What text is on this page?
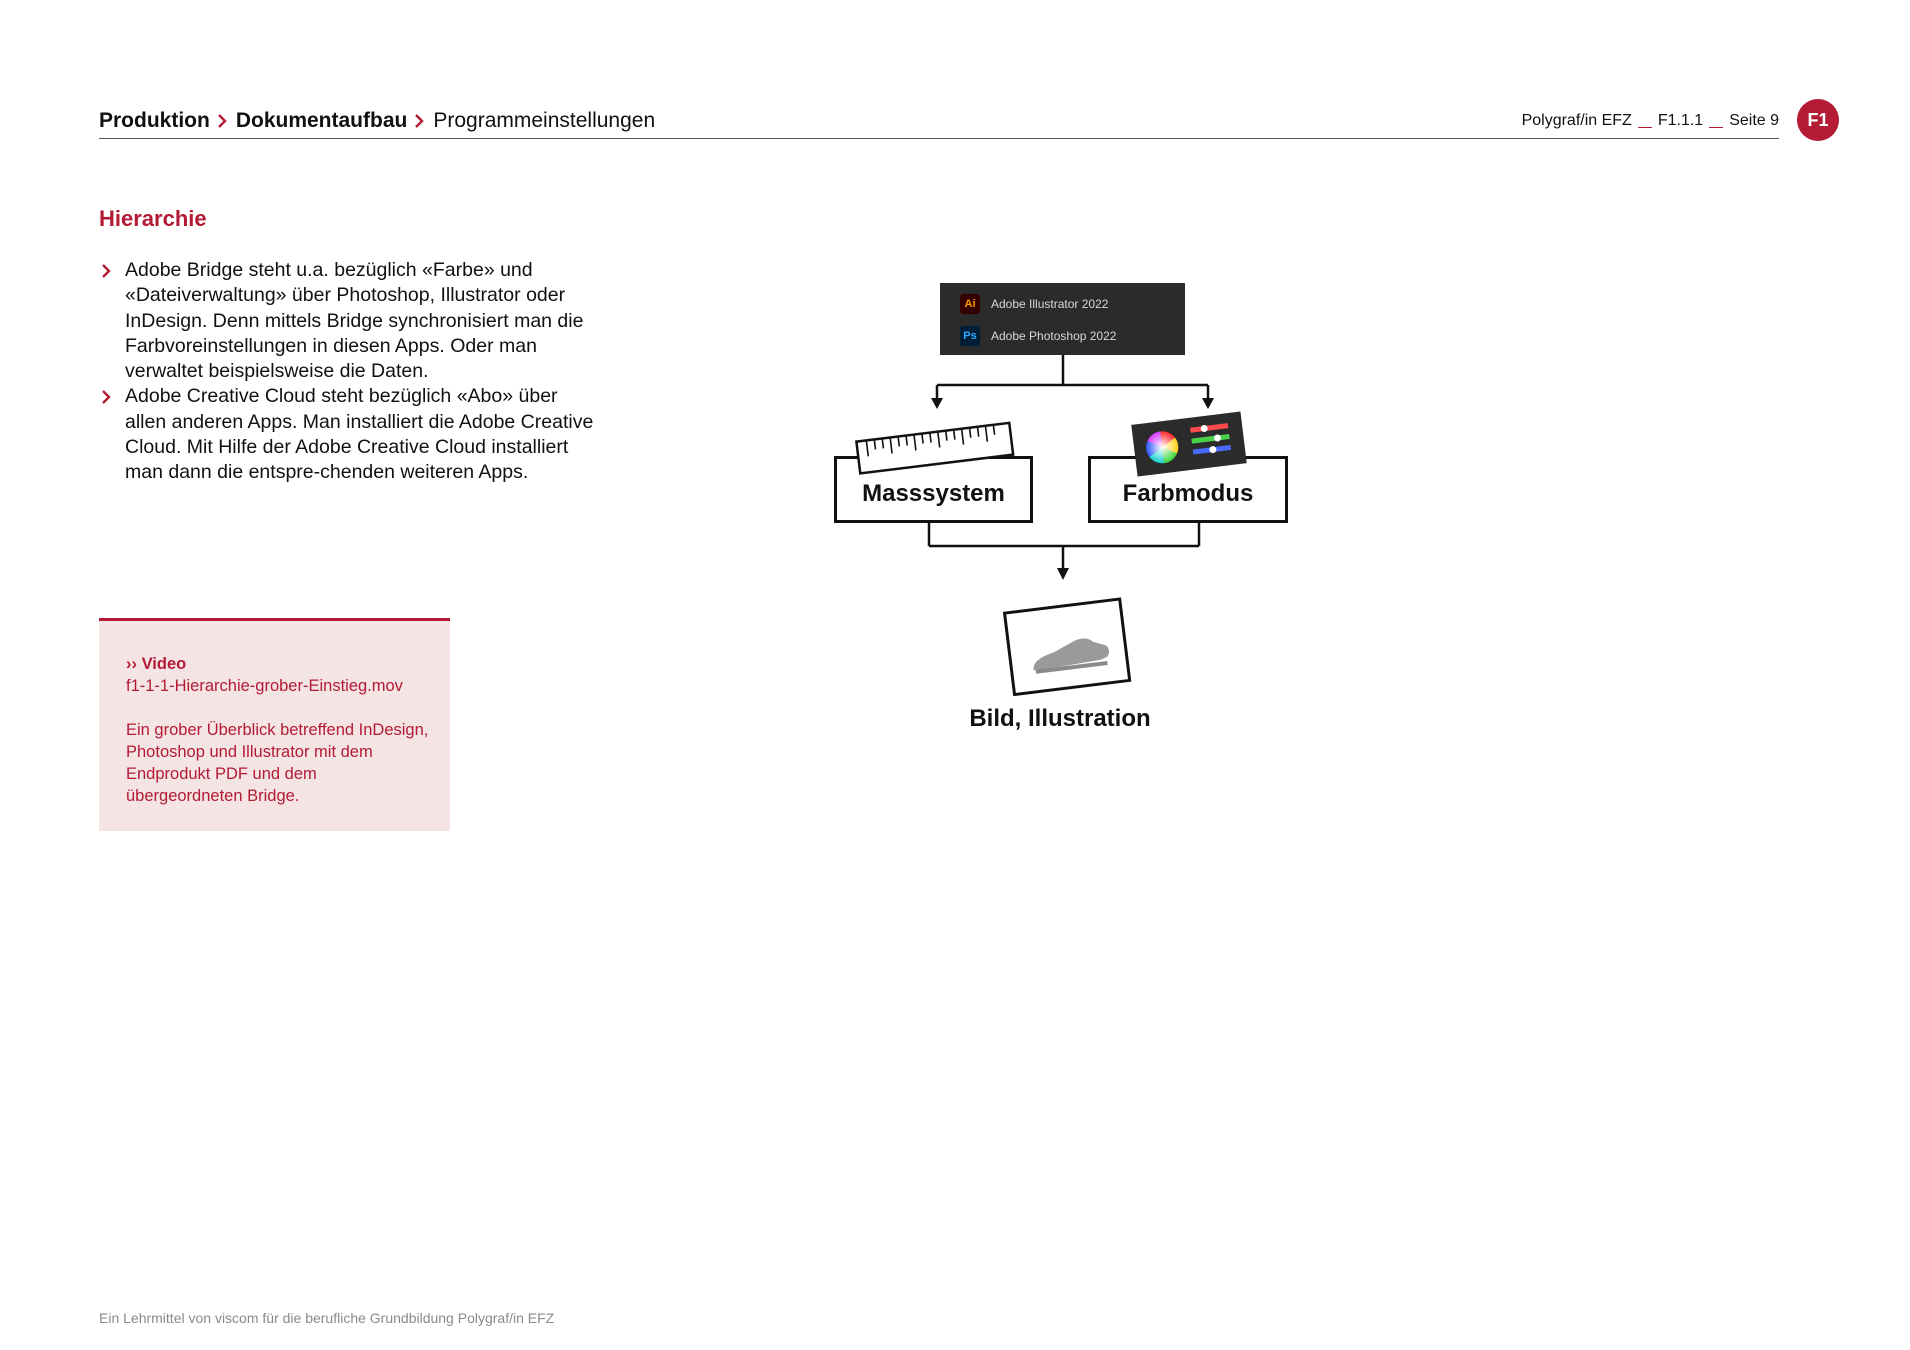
Produktion Dokumentaufbau Programmeinstellungen	Polygraf/in EFZ F1.1.1 Seite 9	F1
Hierarchie
Adobe Bridge steht u.a. bezüglich «Farbe» und «Dateiverwaltung» über Photoshop, Illustrator oder InDesign. Denn mittels Bridge synchronisiert man die Farbvoreinstellungen in diesen Apps. Oder man verwaltet beispielsweise die Daten.
Adobe Creative Cloud steht bezüglich «Abo» über allen anderen Apps. Man installiert die Adobe Creative Cloud. Mit Hilfe der Adobe Creative Cloud installiert man dann die entspre-chenden weiteren Apps.
›› Video
f1-1-1-Hierarchie-grober-Einstieg.mov
Ein grober Überblick betreffend InDesign, Photoshop und Illustrator mit dem Endprodukt PDF und dem übergeordneten Bridge.
Ai	Adobe Illustrator 2022
Ps Adobe Photoshop 2022
Masssystem	Farbmodus
Bild, Illustration
Ein Lehrmittel von viscom für die berufliche Grundbildung Polygraf/in EFZ
